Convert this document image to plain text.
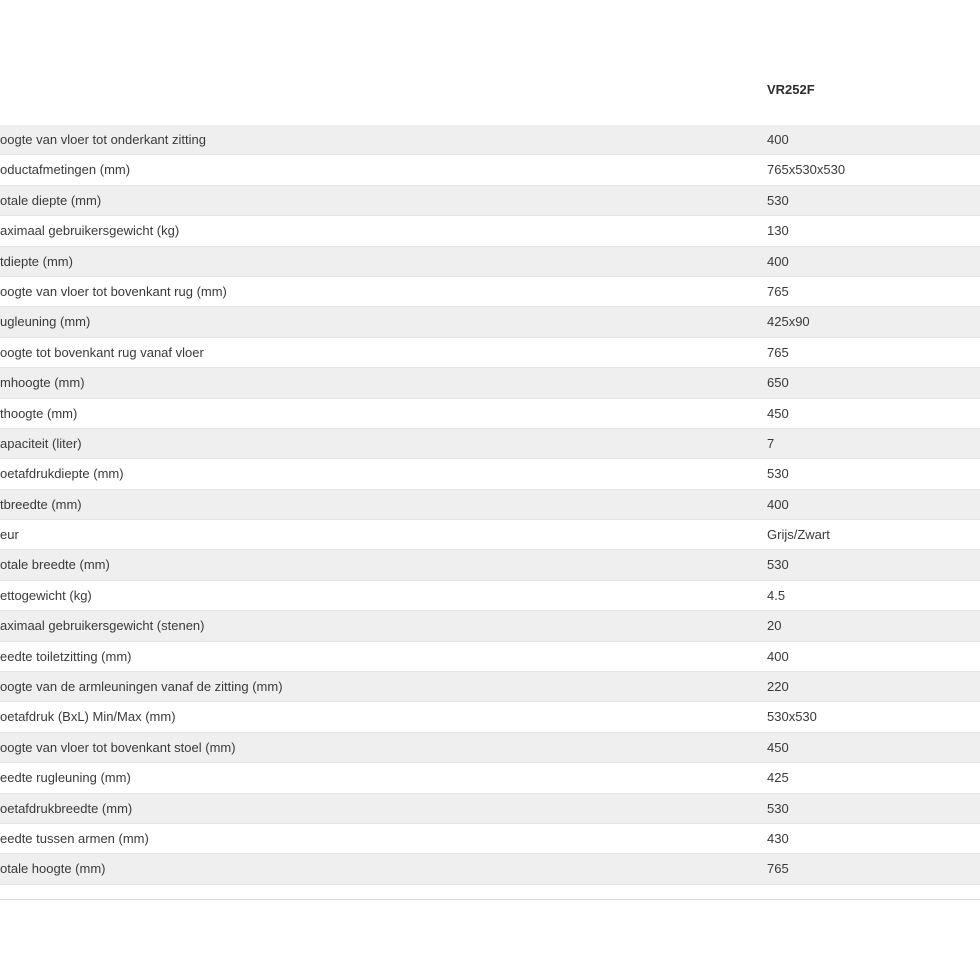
VR252F
oogte van vloer tot onderkant zitting	400
oductafmetingen (mm)	765x530x530
otale diepte (mm)	530
aximaal gebruikersgewicht (kg)	130
tdiepte (mm)	400
oogte van vloer tot bovenkant rug (mm)	765
ugleuning (mm)	425x90
oogte tot bovenkant rug vanaf vloer	765
mhoogte (mm)	650
thoogte (mm)	450
apaciteit (liter)	7
oetafdrukdiepte (mm)	530
tbreedte (mm)	400
eur	Grijs/Zwart
otale breedte (mm)	530
ettogewicht (kg)	4.5
aximaal gebruikersgewicht (stenen)	20
eedte toiletzitting (mm)	400
oogte van de armleuningen vanaf de zitting (mm)	220
oetafdruk (BxL) Min/Max (mm)	530x530
oogte van vloer tot bovenkant stoel (mm)	450
eedte rugleuning (mm)	425
oetafdrukbreedte (mm)	530
eedte tussen armen (mm)	430
otale hoogte (mm)	765
